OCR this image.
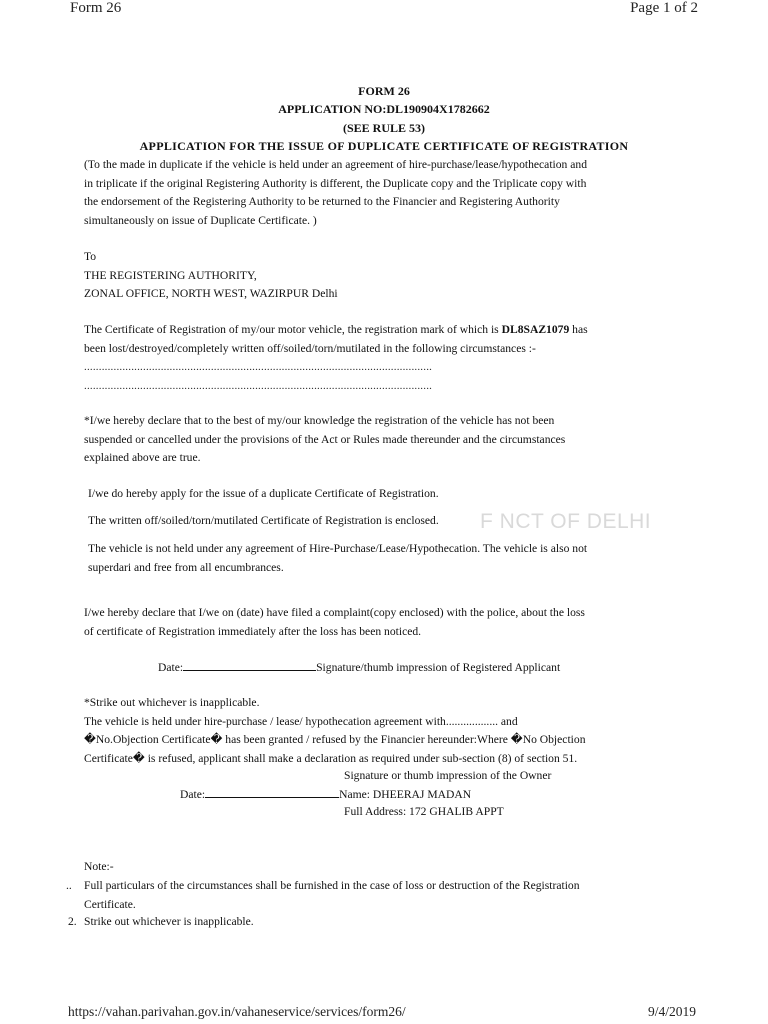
Form 26	Page 1 of 2
FORM 26
APPLICATION NO:DL190904X1782662
(SEE RULE 53)
APPLICATION FOR THE ISSUE OF DUPLICATE CERTIFICATE OF REGISTRATION
(To the made in duplicate if the vehicle is held under an agreement of hire-purchase/lease/hypothecation and
in triplicate if the original Registering Authority is different, the Duplicate copy and the Triplicate copy with
the endorsement of the Registering Authority to be returned to the Financier and Registering Authority
simultaneously on issue of Duplicate Certificate. )
To
THE REGISTERING AUTHORITY,
ZONAL OFFICE, NORTH WEST, WAZIRPUR Delhi
The Certificate of Registration of my/our motor vehicle, the registration mark of which is DL8SAZ1079 has
been lost/destroyed/completely written off/soiled/torn/mutilated in the following circumstances :-
......................................................................................................................
......................................................................................................................
*I/we hereby declare that to the best of my/our knowledge the registration of the vehicle has not been
suspended or cancelled under the provisions of the Act or Rules made thereunder and the circumstances
explained above are true.
F NCT OF DELHI
I/we do hereby apply for the issue of a duplicate Certificate of Registration.
The written off/soiled/torn/mutilated Certificate of Registration is enclosed.
The vehicle is not held under any agreement of Hire-Purchase/Lease/Hypothecation. The vehicle is also not
superdari and free from all encumbrances.
I/we hereby declare that I/we on (date) have filed a complaint(copy enclosed) with the police, about the loss
of certificate of Registration immediately after the loss has been noticed.
Date:	Signature/thumb impression of Registered Applicant
*Strike out whichever is inapplicable.
The vehicle is held under hire-purchase / lease/ hypothecation agreement with.................. and
�No.Objection Certificate� has been granted / refused by the Financier hereunder:Where �No Objection
Certificate� is refused, applicant shall make a declaration as required under sub-section (8) of section 51.
Signature or thumb impression of the Owner
Date:	Name: DHEERAJ MADAN
Full Address: 172 GHALIB APPT
Note:-
..	Full particulars of the circumstances shall be furnished in the case of loss or destruction of the Registration
Certificate.
2. Strike out whichever is inapplicable.
https://vahan.parivahan.gov.in/vahaneservice/services/form26/	9/4/2019
